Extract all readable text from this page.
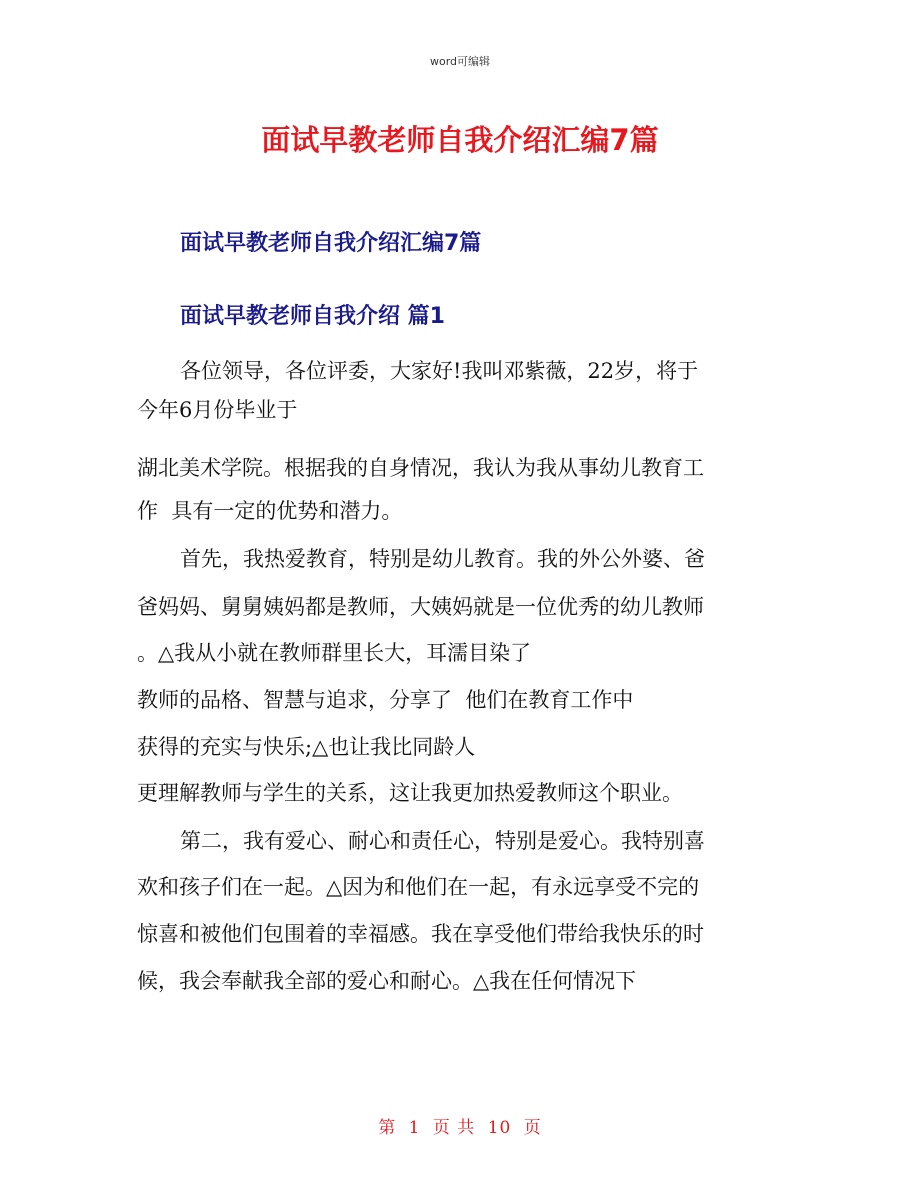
word可编辑
面试早教老师自我介绍汇编7篇
面试早教老师自我介绍汇编7篇
面试早教老师自我介绍 篇1
各位领导，各位评委，大家好!我叫邓紫薇，22岁，将于
今年6月份毕业于
湖北美术学院。根据我的自身情况，我认为我从事幼儿教育工
作  具有一定的优势和潜力。
首先，我热爱教育，特别是幼儿教育。我的外公外婆、爸
爸妈妈、舅舅姨妈都是教师，大姨妈就是一位优秀的幼儿教师
。△我从小就在教师群里长大，耳濡目染了
教师的品格、智慧与追求，分享了  他们在教育工作中
获得的充实与快乐;△也让我比同龄人
更理解教师与学生的关系，这让我更加热爱教师这个职业。
第二，我有爱心、耐心和责任心，特别是爱心。我特别喜
欢和孩子们在一起。△因为和他们在一起，有永远享受不完的
惊喜和被他们包围着的幸福感。我在享受他们带给我快乐的时
候，我会奉献我全部的爱心和耐心。△我在任何情况下
第 1 页 共 10 页
